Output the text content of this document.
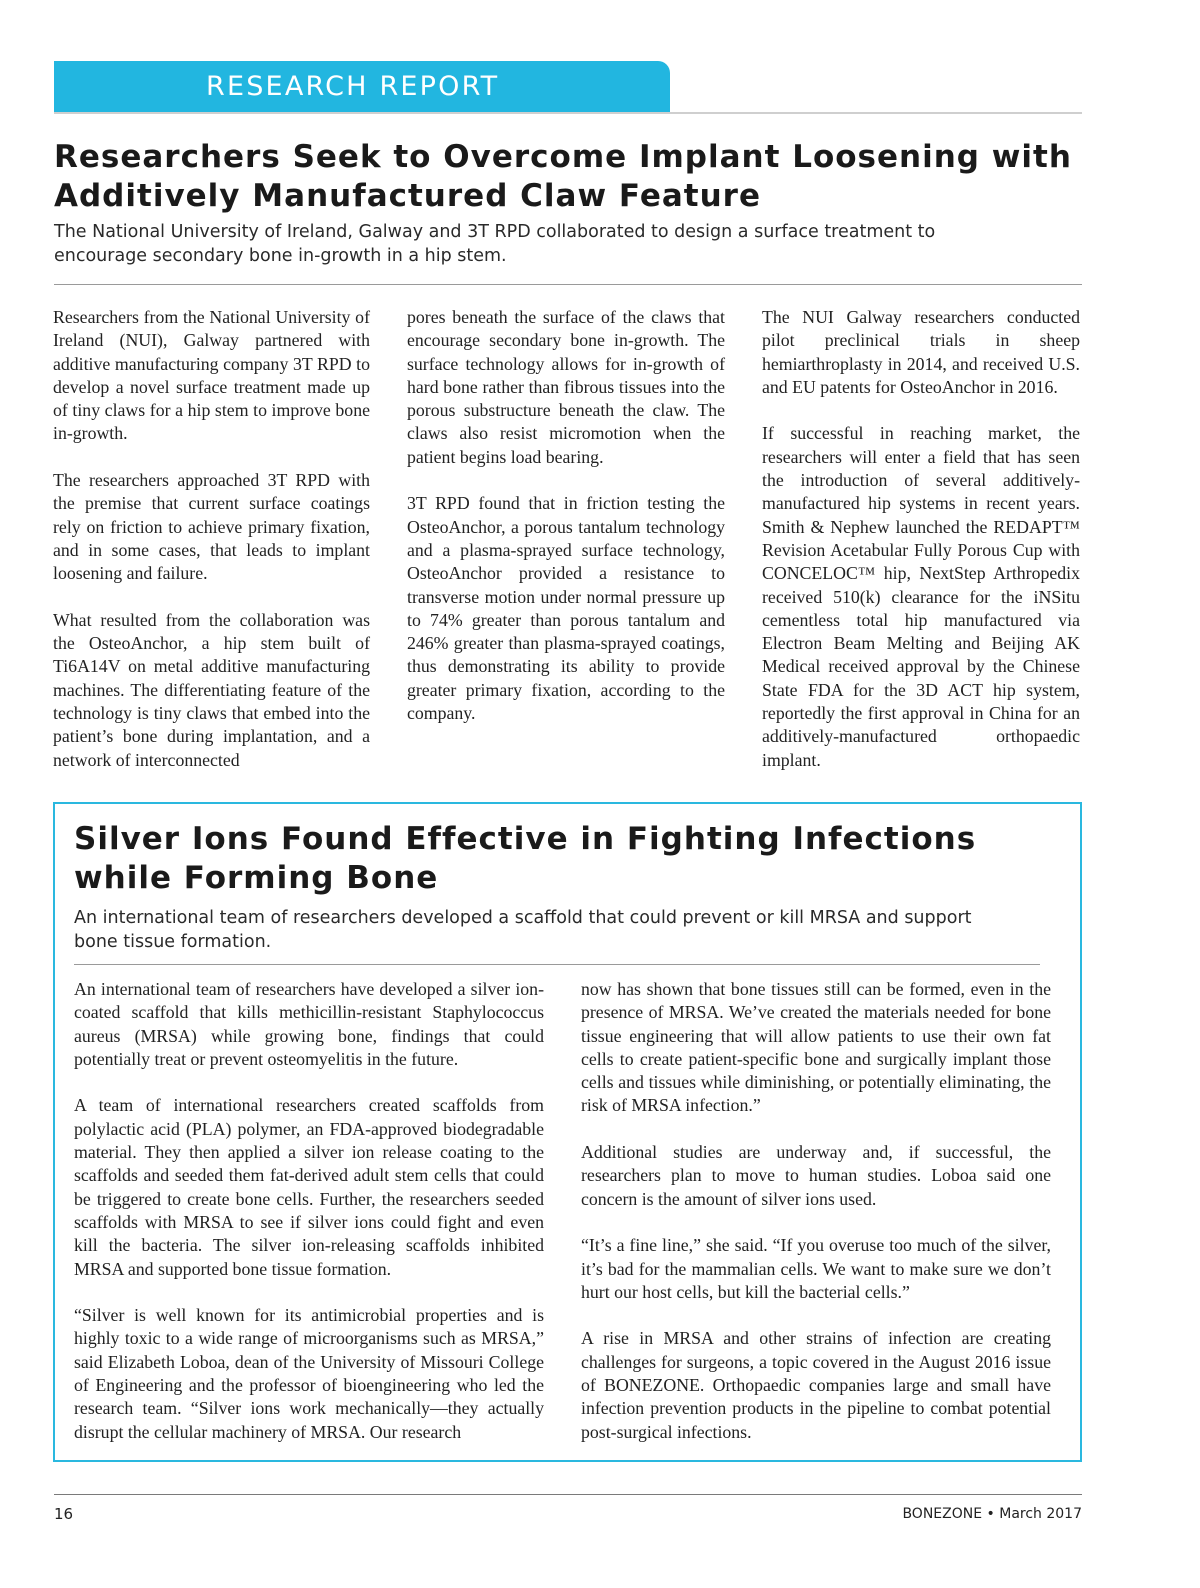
RESEARCH REPORT
Researchers Seek to Overcome Implant Loosening with Additively Manufactured Claw Feature

The National University of Ireland, Galway and 3T RPD collaborated to design a surface treatment to encourage secondary bone in-growth in a hip stem.

Researchers from the National University of Ireland (NUI), Galway partnered with additive manufacturing company 3T RPD to develop a novel surface treatment made up of tiny claws for a hip stem to improve bone in-growth.

The researchers approached 3T RPD with the premise that current surface coatings rely on friction to achieve primary fixation, and in some cases, that leads to implant loosening and failure.

What resulted from the collaboration was the OsteoAnchor, a hip stem built of Ti6A14V on metal additive manufacturing machines. The differentiating feature of the technology is tiny claws that embed into the patient’s bone during implantation, and a network of interconnected

pores beneath the surface of the claws that encourage secondary bone in-growth. The surface technology allows for in-growth of hard bone rather than fibrous tissues into the porous substructure beneath the claw. The claws also resist micromotion when the patient begins load bearing.

3T RPD found that in friction testing the OsteoAnchor, a porous tantalum technology and a plasma-sprayed surface technology, OsteoAnchor provided a resistance to transverse motion under normal pressure up to 74% greater than porous tantalum and 246% greater than plasma-sprayed coatings, thus demonstrating its ability to provide greater primary fixation, according to the company.

The NUI Galway researchers conducted pilot preclinical trials in sheep hemiarthroplasty in 2014, and received U.S. and EU patents for OsteoAnchor in 2016.

If successful in reaching market, the researchers will enter a field that has seen the introduction of several additively-manufactured hip systems in recent years. Smith & Nephew launched the REDAPT™ Revision Acetabular Fully Porous Cup with CONCELOC™ hip, NextStep Arthropedix received 510(k) clearance for the iNSitu cementless total hip manufactured via Electron Beam Melting and Beijing AK Medical received approval by the Chinese State FDA for the 3D ACT hip system, reportedly the first approval in China for an additively-manufactured orthopaedic implant.

Silver Ions Found Effective in Fighting Infections while Forming Bone

An international team of researchers developed a scaffold that could prevent or kill MRSA and support bone tissue formation.

An international team of researchers have developed a silver ion-coated scaffold that kills methicillin-resistant Staphylococcus aureus (MRSA) while growing bone, findings that could potentially treat or prevent osteomyelitis in the future.

A team of international researchers created scaffolds from polylactic acid (PLA) polymer, an FDA-approved biodegradable material. They then applied a silver ion release coating to the scaffolds and seeded them fat-derived adult stem cells that could be triggered to create bone cells. Further, the researchers seeded scaffolds with MRSA to see if silver ions could fight and even kill the bacteria. The silver ion-releasing scaffolds inhibited MRSA and supported bone tissue formation.

“Silver is well known for its antimicrobial properties and is highly toxic to a wide range of microorganisms such as MRSA,” said Elizabeth Loboa, dean of the University of Missouri College of Engineering and the professor of bioengineering who led the research team. “Silver ions work mechanically—they actually disrupt the cellular machinery of MRSA. Our research

now has shown that bone tissues still can be formed, even in the presence of MRSA. We’ve created the materials needed for bone tissue engineering that will allow patients to use their own fat cells to create patient-specific bone and surgically implant those cells and tissues while diminishing, or potentially eliminating, the risk of MRSA infection.”

Additional studies are underway and, if successful, the researchers plan to move to human studies. Loboa said one concern is the amount of silver ions used.

“It’s a fine line,” she said. “If you overuse too much of the silver, it’s bad for the mammalian cells. We want to make sure we don’t hurt our host cells, but kill the bacterial cells.”

A rise in MRSA and other strains of infection are creating challenges for surgeons, a topic covered in the August 2016 issue of BONEZONE. Orthopaedic companies large and small have infection prevention products in the pipeline to combat potential post-surgical infections.

16	BONEZONE • March 2017
